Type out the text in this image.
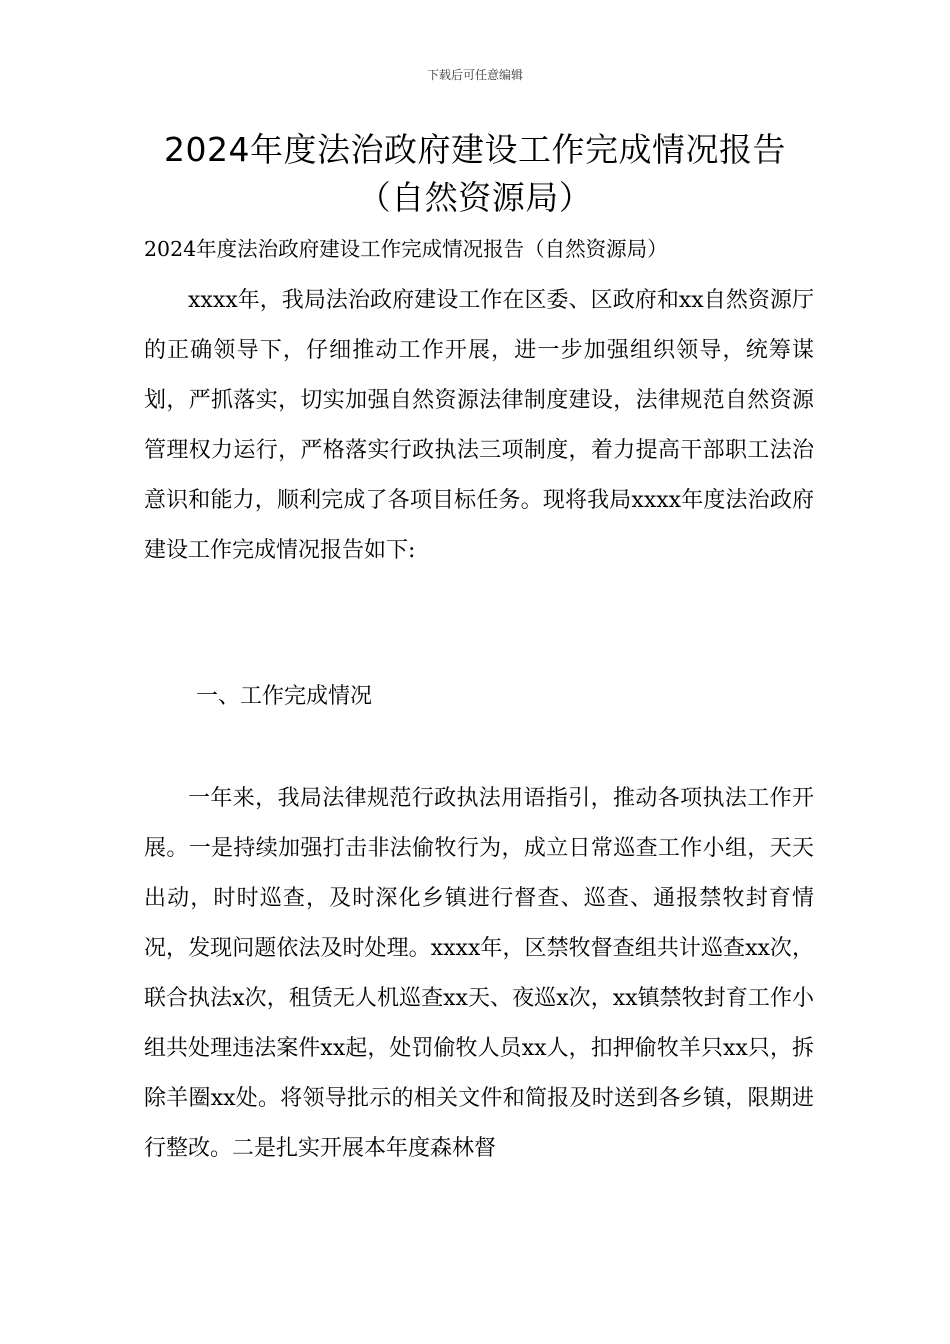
下载后可任意编辑
2024年度法治政府建设工作完成情况报告
（自然资源局）
2024年度法治政府建设工作完成情况报告（自然资源局）
xxxx年，我局法治政府建设工作在区委、区政府和xx自然资源厅的正确领导下，仔细推动工作开展，进一步加强组织领导，统筹谋划，严抓落实，切实加强自然资源法律制度建设，法律规范自然资源管理权力运行，严格落实行政执法三项制度，着力提高干部职工法治意识和能力，顺利完成了各项目标任务。现将我局xxxx年度法治政府建设工作完成情况报告如下:
一、工作完成情况
一年来，我局法律规范行政执法用语指引，推动各项执法工作开展。一是持续加强打击非法偷牧行为，成立日常巡查工作小组，天天出动，时时巡查，及时深化乡镇进行督查、巡查、通报禁牧封育情况，发现问题依法及时处理。xxxx年，区禁牧督查组共计巡查xx次，联合执法x次，租赁无人机巡查xx天、夜巡x次，xx镇禁牧封育工作小组共处理违法案件xx起，处罚偷牧人员xx人，扣押偷牧羊只xx只，拆除羊圈xx处。将领导批示的相关文件和简报及时送到各乡镇，限期进行整改。二是扎实开展本年度森林督
